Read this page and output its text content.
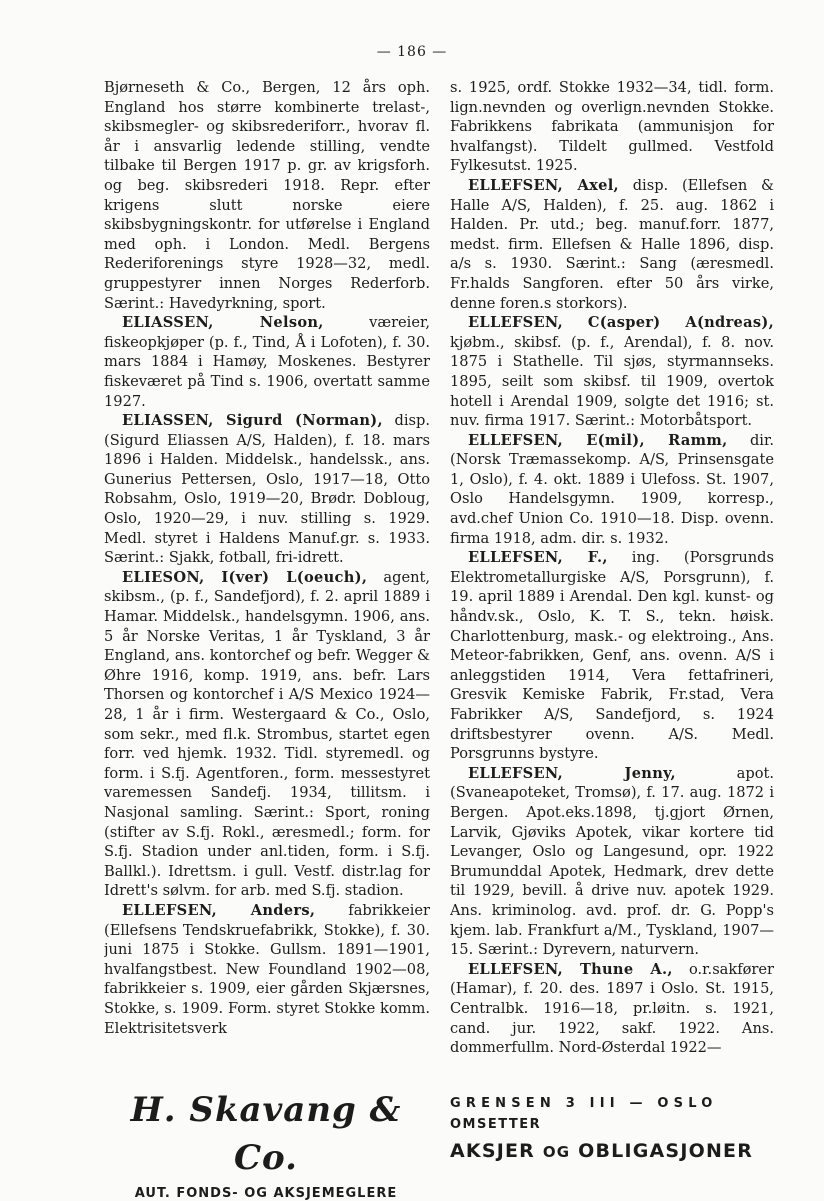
— 186 —

Bjørneseth & Co., Bergen, 12 års oph. England hos større kombinerte trelast-, skibsmegler- og skibsrederiforr., hvorav fl. år i ansvarlig ledende stilling, vendte tilbake til Bergen 1917 p. gr. av krigsforh. og beg. skibsrederi 1918. Repr. efter krigens slutt norske eiere skibsbygningskontr. for utførelse i England med oph. i London. Medl. Bergens Rederiforenings styre 1928—32, medl. gruppestyrer innen Norges Rederforb. Særint.: Havedyrkning, sport.

ELIASSEN, Nelson,	væreier, fiskeopkjøper (p. f., Tind, Å i Lofoten), f. 30. mars 1884 i Hamøy, Moskenes. Bestyrer fiskeværet på Tind s. 1906, overtatt samme 1927.

ELIASSEN, Sigurd (Norman), disp. (Sigurd Eliassen A/S, Halden), f. 18. mars 1896 i Halden. Middelsk., handelssk., ans. Gunerius Pettersen, Oslo, 1917—18, Otto Robsahm, Oslo, 1919—20, Brødr. Dobloug, Oslo, 1920—29, i nuv. stilling s. 1929. Medl. styret i Haldens Manuf.gr. s. 1933. Særint.: Sjakk, fotball, fri-idrett.

ELIESON, I(ver) L(oeuch), agent, skibsm., (p. f., Sandefjord), f. 2. april 1889 i Hamar. Middelsk., handelsgymn. 1906, ans. 5 år Norske Veritas, 1 år Tyskland, 3 år England, ans. kontorchef og befr. Wegger & Øhre 1916, komp. 1919, ans. befr. Lars Thorsen og kontorchef i A/S Mexico 1924—28, 1 år i firm. Westergaard & Co., Oslo, som sekr., med fl.k. Strombus, startet egen forr. ved hjemk. 1932. Tidl. styremedl. og form. i S.fj. Agentforen., form. messestyret varemessen Sandefj. 1934, tillitsm. i Nasjonal samling. Særint.: Sport, roning (stifter av S.fj. Rokl., æresmedl.; form. for S.fj. Stadion under anl.tiden, form. i S.fj. Ballkl.). Idrettsm. i gull. Vestf. distr.lag for Idrett's sølvm. for arb. med S.fj. stadion.

ELLEFSEN, Anders, fabrikkeier (Ellefsens Tendskruefabrikk, Stokke), f. 30. juni 1875 i Stokke. Gullsm. 1891—1901, hvalfangstbest. New Foundland 1902—08, fabrikkeier s. 1909, eier gården Skjærsnes, Stokke, s. 1909. Form. styret Stokke komm. Elektrisitetsverk

s. 1925, ordf. Stokke 1932—34, tidl. form. lign.nevnden og overlign.nevnden Stokke. Fabrikkens fabrikata (ammunisjon for hvalfangst). Tildelt gullmed. Vestfold Fylkesutst. 1925.

ELLEFSEN, Axel, disp. (Ellefsen & Halle A/S, Halden), f. 25. aug. 1862 i Halden. Pr. utd.; beg. manuf.forr. 1877, medst. firm. Ellefsen & Halle 1896, disp. a/s s. 1930. Særint.: Sang (æresmedl. Fr.halds Sangforen. efter 50 års virke, denne foren.s storkors).

ELLEFSEN, C(asper) A(ndreas), kjøbm., skibsf. (p. f., Arendal), f. 8. nov. 1875 i Stathelle. Til sjøs, styrmannseks. 1895, seilt som skibsf. til 1909, overtok hotell i Arendal 1909, solgte det 1916; st. nuv. firma 1917. Særint.: Motorbåtsport.

ELLEFSEN, E(mil), Ramm, dir. (Norsk Træmassekomp. A/S, Prinsensgate 1, Oslo), f. 4. okt. 1889 i Ulefoss. St. 1907, Oslo Handelsgymn. 1909, korresp., avd.chef Union Co. 1910—18. Disp. ovenn. firma 1918, adm. dir. s. 1932.

ELLEFSEN, F., ing. (Porsgrunds Elektrometallurgiske A/S, Porsgrunn), f. 19. april 1889 i Arendal. Den kgl. kunst- og håndv.sk., Oslo, K. T. S., tekn. høisk. Charlottenburg, mask.- og elektroing., Ans. Meteor-fabrikken, Genf, ans. ovenn. A/S i anleggstiden 1914, Vera fettafrineri, Gresvik Kemiske Fabrik, Fr.stad, Vera Fabrikker A/S, Sandefjord, s. 1924 driftsbestyrer ovenn. A/S. Medl. Porsgrunns bystyre.

ELLEFSEN, Jenny,	apot. (Svaneapoteket, Tromsø), f. 17. aug. 1872 i Bergen. Apot.eks.1898, tj.gjort Ørnen, Larvik, Gjøviks Apotek, vikar kortere tid Levanger, Oslo og Langesund, opr. 1922 Brumunddal Apotek, Hedmark, drev dette til 1929, bevill. å drive nuv. apotek 1929. Ans. kriminolog. avd. prof. dr. G. Popp's kjem. lab. Frankfurt a/M., Tyskland, 1907—15. Særint.: Dyrevern, naturvern.

ELLEFSEN, Thune A., o.r.sakfører (Hamar), f. 20. des. 1897 i Oslo. St. 1915, Centralbk. 1916—18, pr.løitn. s. 1921, cand. jur. 1922, sakf. 1922. Ans. dommerfullm. Nord-Østerdal 1922—

H. Skavang & Co.
AUT. FONDS- OG AKSJEMEGLERE
GRENSEN 3 III — OSLO
OMSETTER
AKSJER OG OBLIGASJONER
